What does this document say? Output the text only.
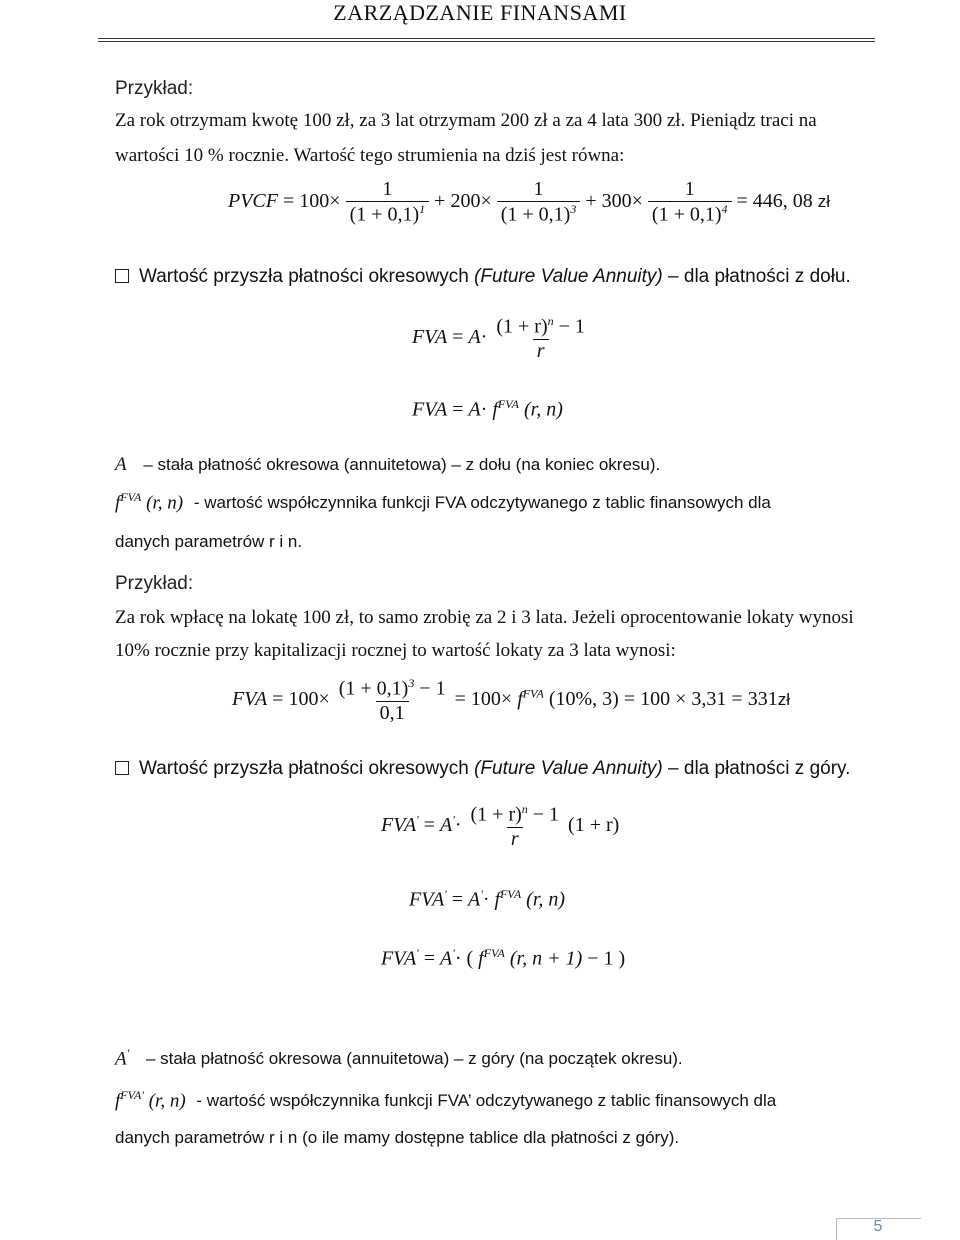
ZARZĄDZANIE FINANSAMI
Przykład:
Za rok otrzymam kwotę 100 zł, za 3 lat otrzymam 200 zł a za 4 lata 300 zł. Pieniądz traci na
wartości 10 % rocznie. Wartość tego strumienia na dziś jest równa:
PVCF = $100\times \frac{1}{(1 + 0,1)^1} + 200\times \frac{1}{(1 + 0,1)^3} + 300\times \frac{1}{(1 + 0,1)^4} = 446$, 08 zł
Wartość przyszła płatności okresowych (Future Value Annuity) – dla płatności z dołu.
FVA = $A\cdot \frac{(1 + r)^n - 1}{r}$
FVA = $A\cdot f^{FVA}$ (r, n)
A – stała płatność okresowa (annuitetowa) – z dołu (na koniec okresu).
$f^{FVA}$ (r, n) - wartość współczynnika funkcji FVA odczytywanego z tablic finansowych dla
danych parametrów r i n.
Przykład:
Za rok wpłacę na lokatę 100 zł, to samo zrobię za 2 i 3 lata. Jeżeli oprocentowanie lokaty wynosi
10% rocznie przy kapitalizacji rocznej to wartość lokaty za 3 lata wynosi:
FVA = $100\times \frac{(1 + 0,1)^3 - 1}{0,1} = 100\times f^{FVA}$ (10%, 3) = 100 × 3,31 = 331zł
Wartość przyszła płatności okresowych (Future Value Annuity) – dla płatności z góry.
$FVA' = A'\cdot \frac{(1 + r)^n - 1}{r} (1 + r)$
$FVA' = A'\cdot f^{FVA}$ (r, n)
FVA' = A'· ( $f^{FVA}$ (r, n + 1) − 1 )
A' – stała płatność okresowa (annuitetowa) – z góry (na początek okresu).
$f^{FVA'}$ (r, n) - wartość współczynnika funkcji FVA’ odczytywanego z tablic finansowych dla
danych parametrów r i n (o ile mamy dostępne tablice dla płatności z góry).
5
